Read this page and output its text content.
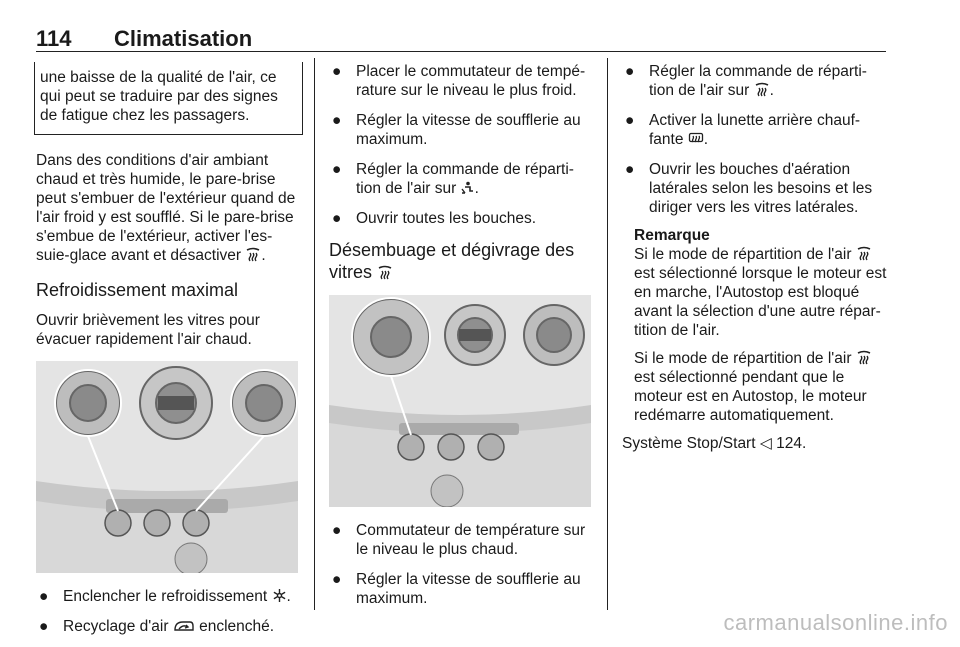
114 Climatisation
une baisse de la qualité de l'air, ce qui peut se traduire par des signes de fatigue chez les passagers.

Dans des conditions d'air ambiant chaud et très humide, le pare-brise peut s'embuer de l'extérieur quand de l'air froid y est soufflé. Si le pare-brise s'embue de l'extérieur, activer l'es-suie-glace avant et désactiver .

Refroidissement maximal

Ouvrir brièvement les vitres pour évacuer rapidement l'air chaud.

● Enclencher le refroidissement .
● Recyclage d'air  enclenché.
● Placer le commutateur de tempé-rature sur le niveau le plus froid.
● Régler la vitesse de soufflerie au maximum.
● Régler la commande de réparti-tion de l'air sur .
● Ouvrir toutes les bouches.
Désembuage et dégivrage des vitres
● Commutateur de température sur le niveau le plus chaud.
● Régler la vitesse de soufflerie au maximum.
● Régler la commande de réparti-tion de l'air sur .
● Activer la lunette arrière chauf-fante .
● Ouvrir les bouches d'aération latérales selon les besoins et les diriger vers les vitres latérales.
Remarque

Si le mode de répartition de l'air  est sélectionné lorsque le moteur est en marche, l'Autostop est bloqué avant la sélection d'une autre répar-tition de l'air.

Si le mode de répartition de l'air  est sélectionné pendant que le moteur est en Autostop, le moteur redémarre automatiquement.

Système Stop/Start ◁ 124.

carmanualsonline.info
